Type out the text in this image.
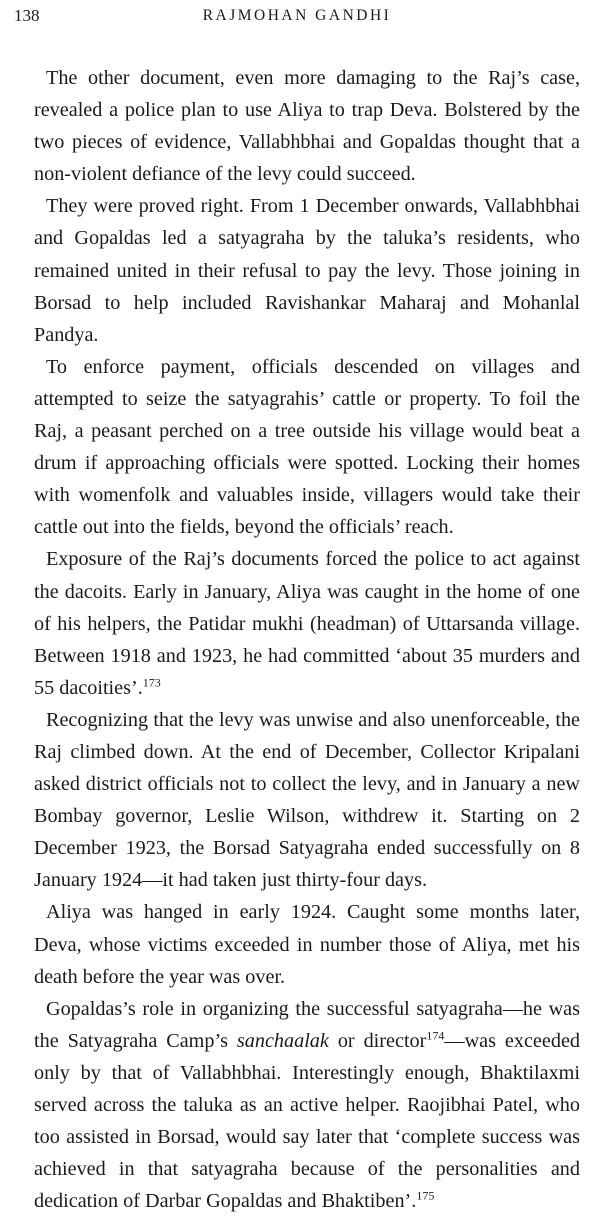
138	RAJMOHAN GANDHI

The other document, even more damaging to the Raj’s case, revealed a police plan to use Aliya to trap Deva. Bolstered by the two pieces of evidence, Vallabhbhai and Gopaldas thought that a non-violent defiance of the levy could succeed.

They were proved right. From 1 December onwards, Vallabhbhai and Gopaldas led a satyagraha by the taluka’s residents, who remained united in their refusal to pay the levy. Those joining in Borsad to help included Ravishankar Maharaj and Mohanlal Pandya.

To enforce payment, officials descended on villages and attempted to seize the satyagrahis’ cattle or property. To foil the Raj, a peasant perched on a tree outside his village would beat a drum if approaching officials were spotted. Locking their homes with womenfolk and valuables inside, villagers would take their cattle out into the fields, beyond the officials’ reach.

Exposure of the Raj’s documents forced the police to act against the dacoits. Early in January, Aliya was caught in the home of one of his helpers, the Patidar mukhi (headman) of Uttarsanda village. Between 1918 and 1923, he had committed ‘about 35 murders and 55 dacoities’.$^{173}$

Recognizing that the levy was unwise and also unenforceable, the Raj climbed down. At the end of December, Collector Kripalani asked district officials not to collect the levy, and in January a new Bombay governor, Leslie Wilson, withdrew it. Starting on 2 December 1923, the Borsad Satyagraha ended successfully on 8 January 1924—it had taken just thirty-four days.

Aliya was hanged in early 1924. Caught some months later, Deva, whose victims exceeded in number those of Aliya, met his death before the year was over.

Gopaldas’s role in organizing the successful satyagraha—he was the Satyagraha Camp’s sanchaalak or director$^{174}$—was exceeded only by that of Vallabhbhai. Interestingly enough, Bhaktilaxmi served across the taluka as an active helper. Raojibhai Patel, who too assisted in Borsad, would say later that ‘complete success was achieved in that satyagraha because of the personalities and dedication of Darbar Gopaldas and Bhaktiben’.$^{175}$
